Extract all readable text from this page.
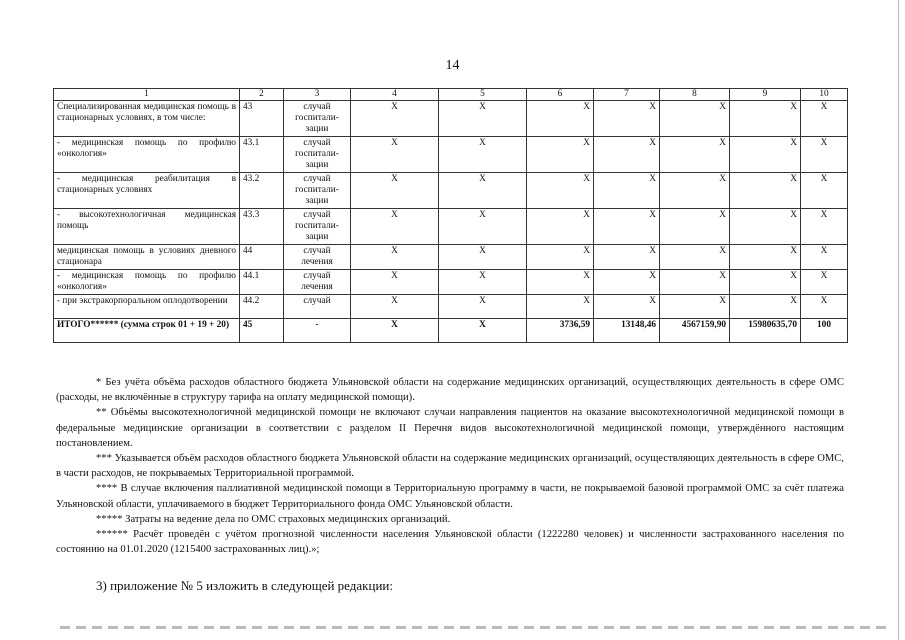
14
1	2	3	4	5	6	7	8	9	10
Специализированная медицинская помощь в стационарных условиях, в том числе:	43	случай госпитали-зации	Х	Х	Х	Х	Х	Х	Х
- медицинская помощь по профилю «онкология»	43.1	случай госпитали-зации	Х	Х	Х	Х	Х	Х	Х
- медицинская реабилитация в стационарных условиях	43.2	случай госпитали-зации	Х	Х	Х	Х	Х	Х	Х
- высокотехнологичная медицинская помощь	43.3	случай госпитали-зации	Х	Х	Х	Х	Х	Х	Х
медицинская помощь в условиях дневного стационара	44	случай лечения	Х	Х	Х	Х	Х	Х	Х
- медицинская помощь по профилю «онкология»	44.1	случай лечения	Х	Х	Х	Х	Х	Х	Х
- при экстракорпоральном оплодотворении	44.2	случай	Х	Х	Х	Х	Х	Х	Х
ИТОГО****** (сумма строк 01 + 19 + 20)	45	-	Х	Х	3736,59	13148,46	4567159,90	15980635,70	100

* Без учёта объёма расходов областного бюджета Ульяновской области на содержание медицинских организаций, осуществляющих деятельность в сфере ОМС (расходы, не включённые в структуру тарифа на оплату медицинской помощи).

** Объёмы высокотехнологичной медицинской помощи не включают случаи направления пациентов на оказание высокотехнологичной медицинской помощи в федеральные медицинские организации в соответствии с разделом II Перечня видов высокотехнологичной медицинской помощи, утверждённого настоящим постановлением.

*** Указывается объём расходов областного бюджета Ульяновской области на содержание медицинских организаций, осуществляющих деятельность в сфере ОМС, в части расходов, не покрываемых Территориальной программой.

**** В случае включения паллиативной медицинской помощи в Территориальную программу в части, не покрываемой базовой программой ОМС за счёт платежа Ульяновской области, уплачиваемого в бюджет Территориального фонда ОМС Ульяновской области.

***** Затраты на ведение дела по ОМС страховых медицинских организаций.

****** Расчёт проведён с учётом прогнозной численности населения Ульяновской области (1222280 человек) и численности застрахованного населения по состоянию на 01.01.2020 (1215400 застрахованных лиц).»;

3) приложение № 5 изложить в следующей редакции:
